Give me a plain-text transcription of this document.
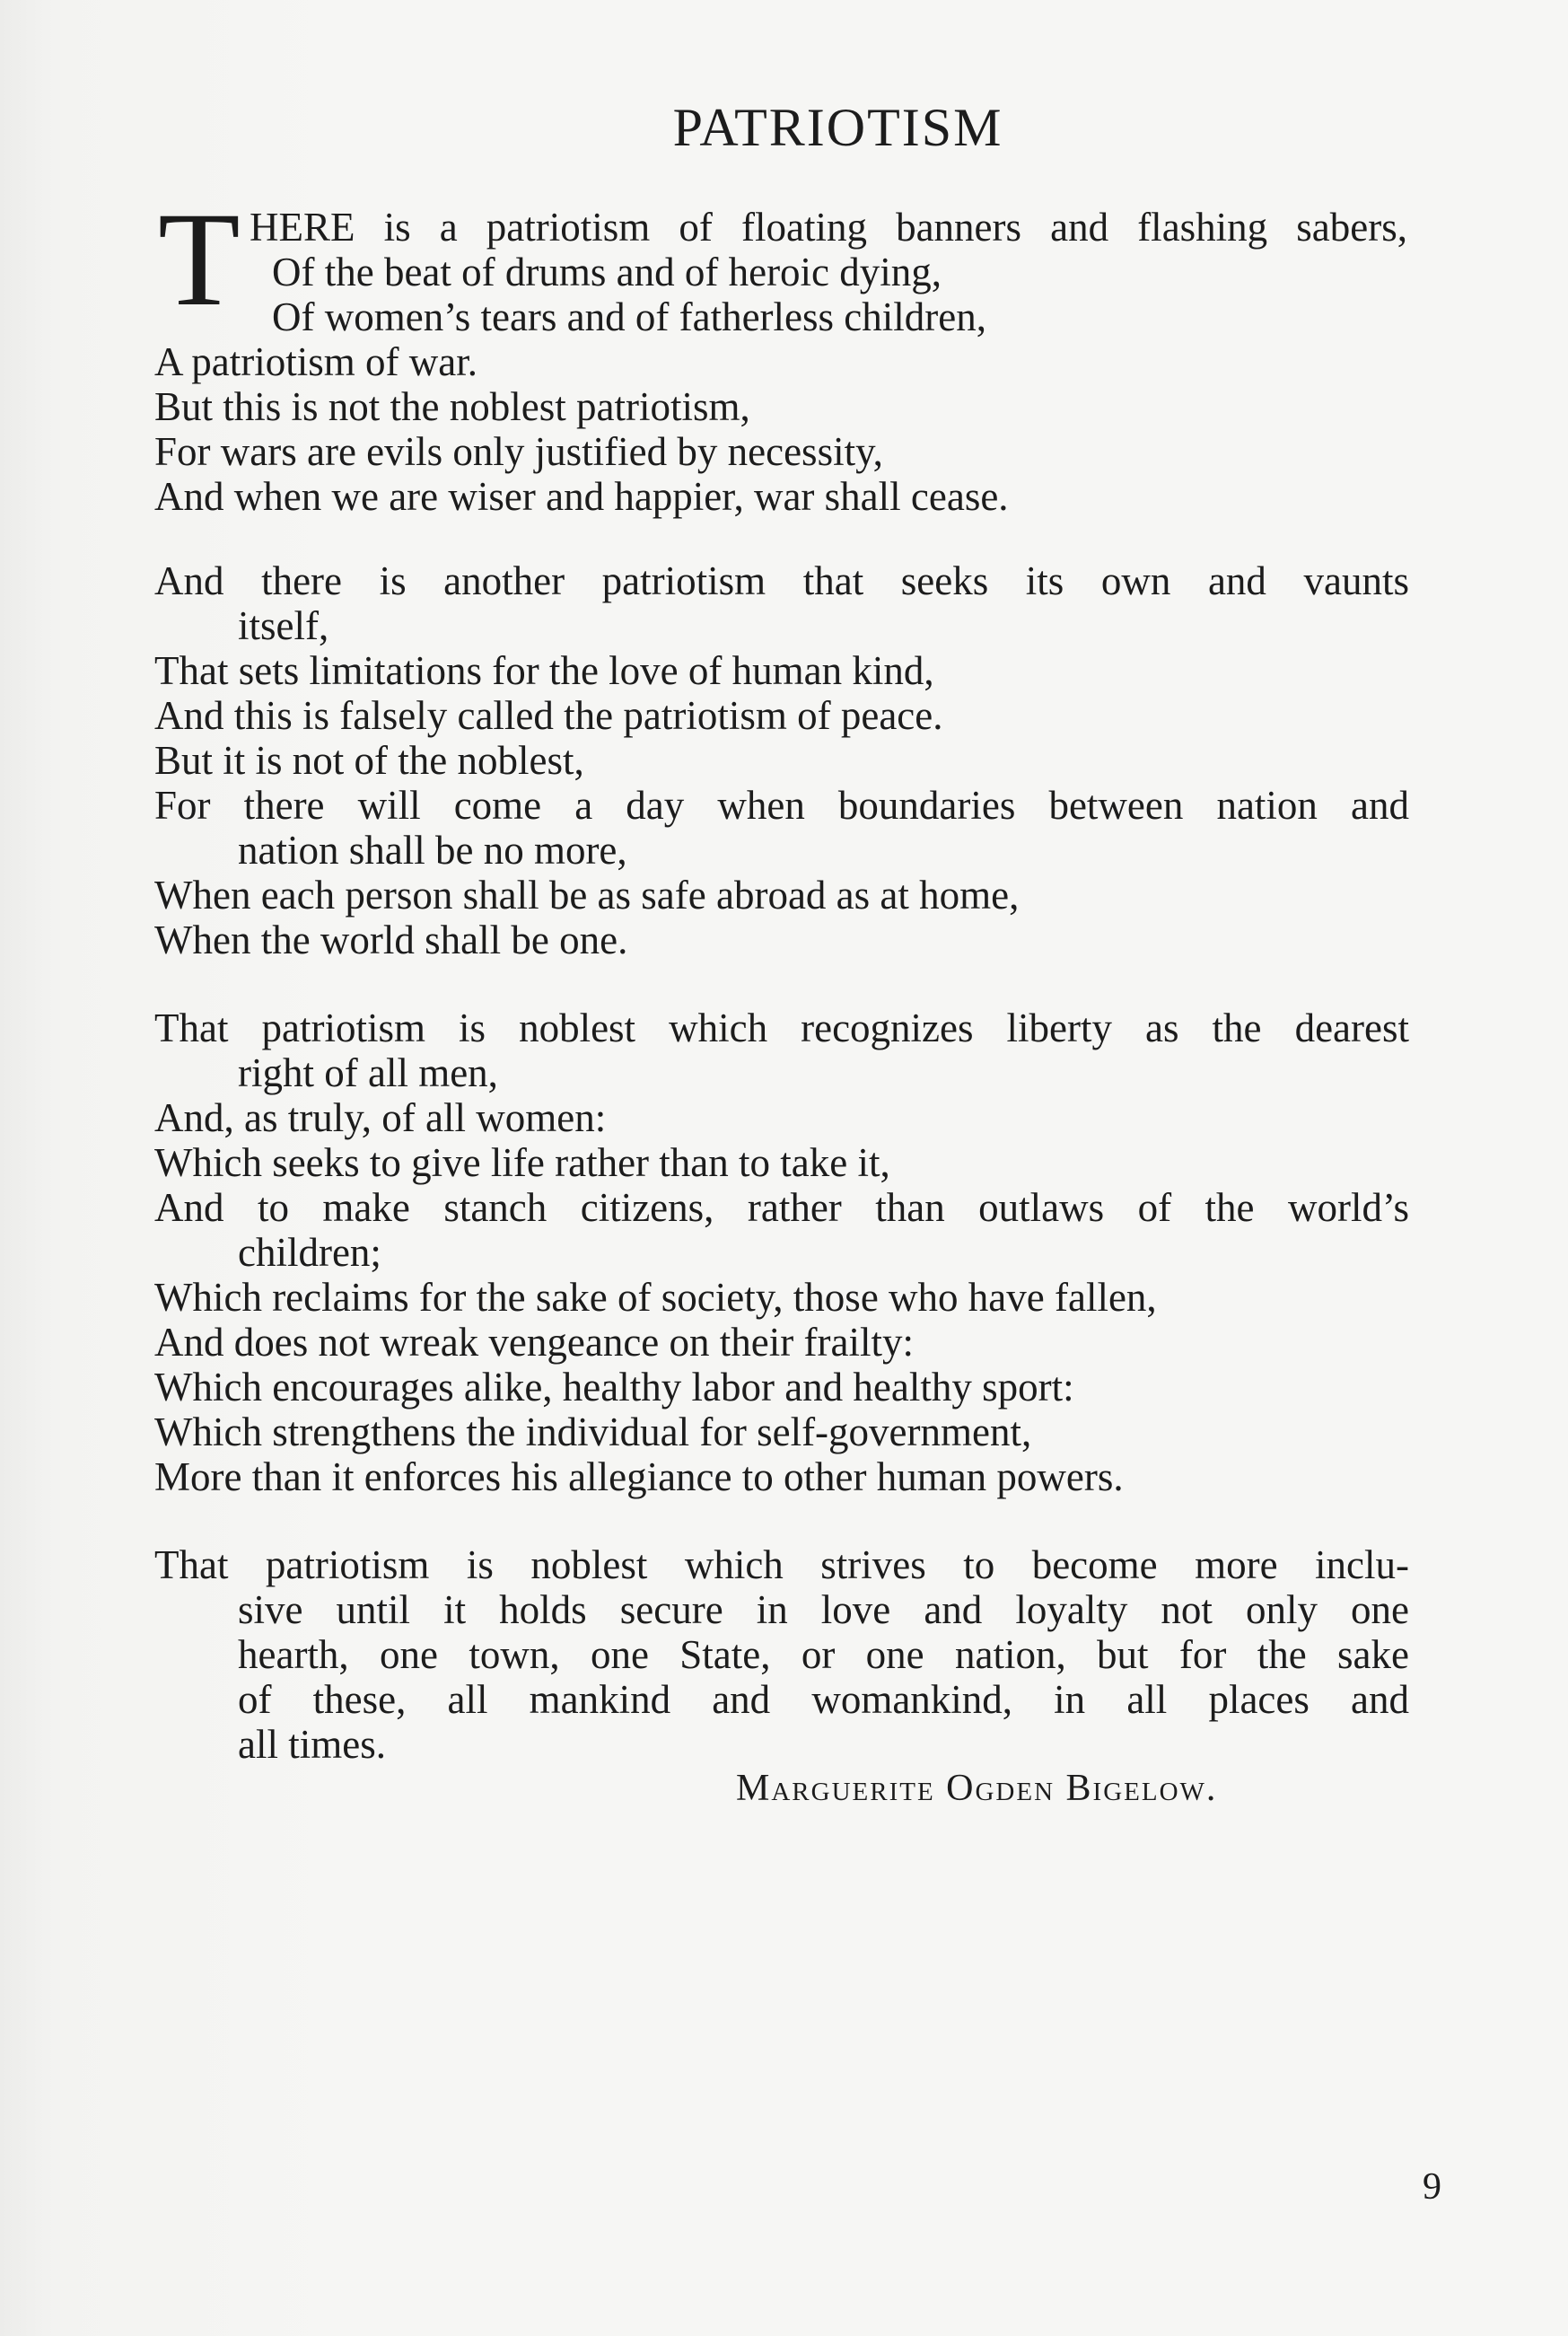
PATRIOTISM
T HERE is a patriotism of floating banners and flashing sabers,
Of the beat of drums and of heroic dying,
Of women’s tears and of fatherless children,
A patriotism of war.
But this is not the noblest patriotism,
For wars are evils only justified by necessity,
And when we are wiser and happier, war shall cease.
And there is another patriotism that seeks its own and vaunts
itself,
That sets limitations for the love of human kind,
And this is falsely called the patriotism of peace.
But it is not of the noblest,
For there will come a day when boundaries between nation and
nation shall be no more,
When each person shall be as safe abroad as at home,
When the world shall be one.
That patriotism is noblest which recognizes liberty as the dearest
right of all men,
And, as truly, of all women:
Which seeks to give life rather than to take it,
And to make stanch citizens, rather than outlaws of the world’s
children;
Which reclaims for the sake of society, those who have fallen,
And does not wreak vengeance on their frailty:
Which encourages alike, healthy labor and healthy sport:
Which strengthens the individual for self-government,
More than it enforces his allegiance to other human powers.
That patriotism is noblest which strives to become more inclu-
sive until it holds secure in love and loyalty not only one
hearth, one town, one State, or one nation, but for the sake
of these, all mankind and womankind, in all places and
all times.
Marguerite Ogden Bigelow.
9
